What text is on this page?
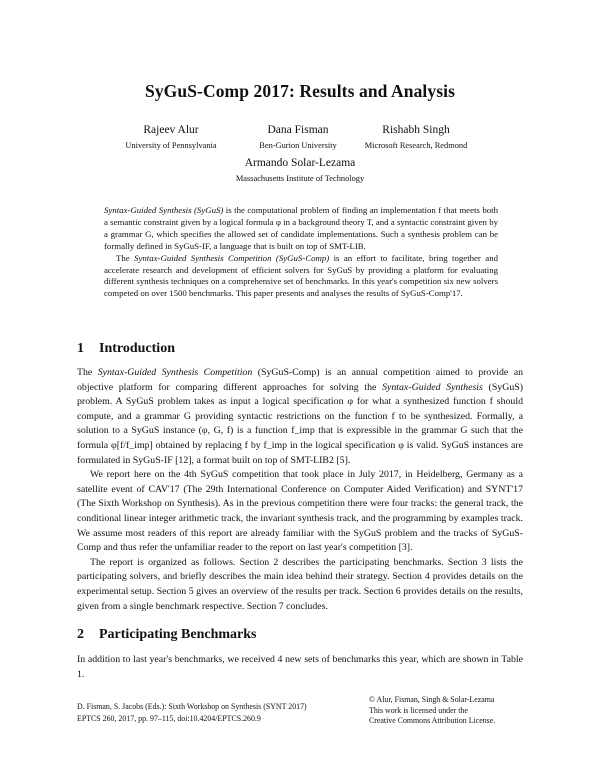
SyGuS-Comp 2017: Results and Analysis
Rajeev Alur
University of Pennsylvania
Dana Fisman
Ben-Gurion University
Rishabh Singh
Microsoft Research, Redmond
Armando Solar-Lezama
Massachusetts Institute of Technology

Syntax-Guided Synthesis (SyGuS) is the computational problem of finding an implementation f that meets both a semantic constraint given by a logical formula φ in a background theory T, and a syntactic constraint given by a grammar G, which specifies the allowed set of candidate implementations. Such a synthesis problem can be formally defined in SyGuS-IF, a language that is built on top of SMT-LIB.

The Syntax-Guided Synthesis Competition (SyGuS-Comp) is an effort to facilitate, bring together and accelerate research and development of efficient solvers for SyGuS by providing a platform for evaluating different synthesis techniques on a comprehensive set of benchmarks. In this year's competition six new solvers competed on over 1500 benchmarks. This paper presents and analyses the results of SyGuS-Comp'17.

1 Introduction

The Syntax-Guided Synthesis Competition (SyGuS-Comp) is an annual competition aimed to provide an objective platform for comparing different approaches for solving the Syntax-Guided Synthesis (SyGuS) problem. A SyGuS problem takes as input a logical specification φ for what a synthesized function f should compute, and a grammar G providing syntactic restrictions on the function f to be synthesized. Formally, a solution to a SyGuS instance (φ, G, f) is a function f_imp that is expressible in the grammar G such that the formula φ[f/f_imp] obtained by replacing f by f_imp in the logical specification φ is valid. SyGuS instances are formulated in SyGuS-IF [12], a format built on top of SMT-LIB2 [5].

We report here on the 4th SyGuS competition that took place in July 2017, in Heidelberg, Germany as a satellite event of CAV'17 (The 29th International Conference on Computer Aided Verification) and SYNT'17 (The Sixth Workshop on Synthesis). As in the previous competition there were four tracks: the general track, the conditional linear integer arithmetic track, the invariant synthesis track, and the programming by examples track. We assume most readers of this report are already familiar with the SyGuS problem and the tracks of SyGuS-Comp and thus refer the unfamiliar reader to the report on last year's competition [3].

The report is organized as follows. Section 2 describes the participating benchmarks. Section 3 lists the participating solvers, and briefly describes the main idea behind their strategy. Section 4 provides details on the experimental setup. Section 5 gives an overview of the results per track. Section 6 provides details on the results, given from a single benchmark respective. Section 7 concludes.

2 Participating Benchmarks

In addition to last year's benchmarks, we received 4 new sets of benchmarks this year, which are shown in Table 1.

D. Fisman, S. Jacobs (Eds.): Sixth Workshop on Synthesis (SYNT 2017)
EPTCS 260, 2017, pp. 97–115, doi:10.4204/EPTCS.260.9
© Alur, Fisman, Singh & Solar-Lezama
This work is licensed under the
Creative Commons Attribution License.
